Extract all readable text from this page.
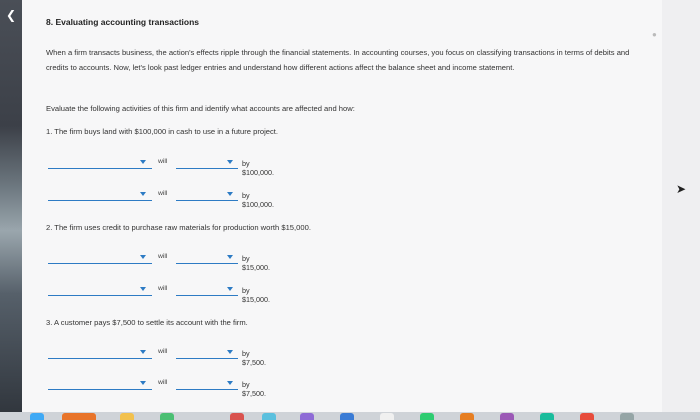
❮
●
➤
8. Evaluating accounting transactions
When a firm transacts business, the action's effects ripple through the financial statements. In accounting courses, you focus on classifying transactions in terms of debits and credits to accounts. Now, let's look past ledger entries and understand how different actions affect the balance sheet and income statement.
Evaluate the following activities of this firm and identify what accounts are affected and how:
1. The firm buys land with $100,000 in cash to use in a future project.
will	by $100,000.
will	by $100,000.
2. The firm uses credit to purchase raw materials for production worth $15,000.
will	by $15,000.
will	by $15,000.
3. A customer pays $7,500 to settle its account with the firm.
will	by $7,500.
will	by $7,500.
